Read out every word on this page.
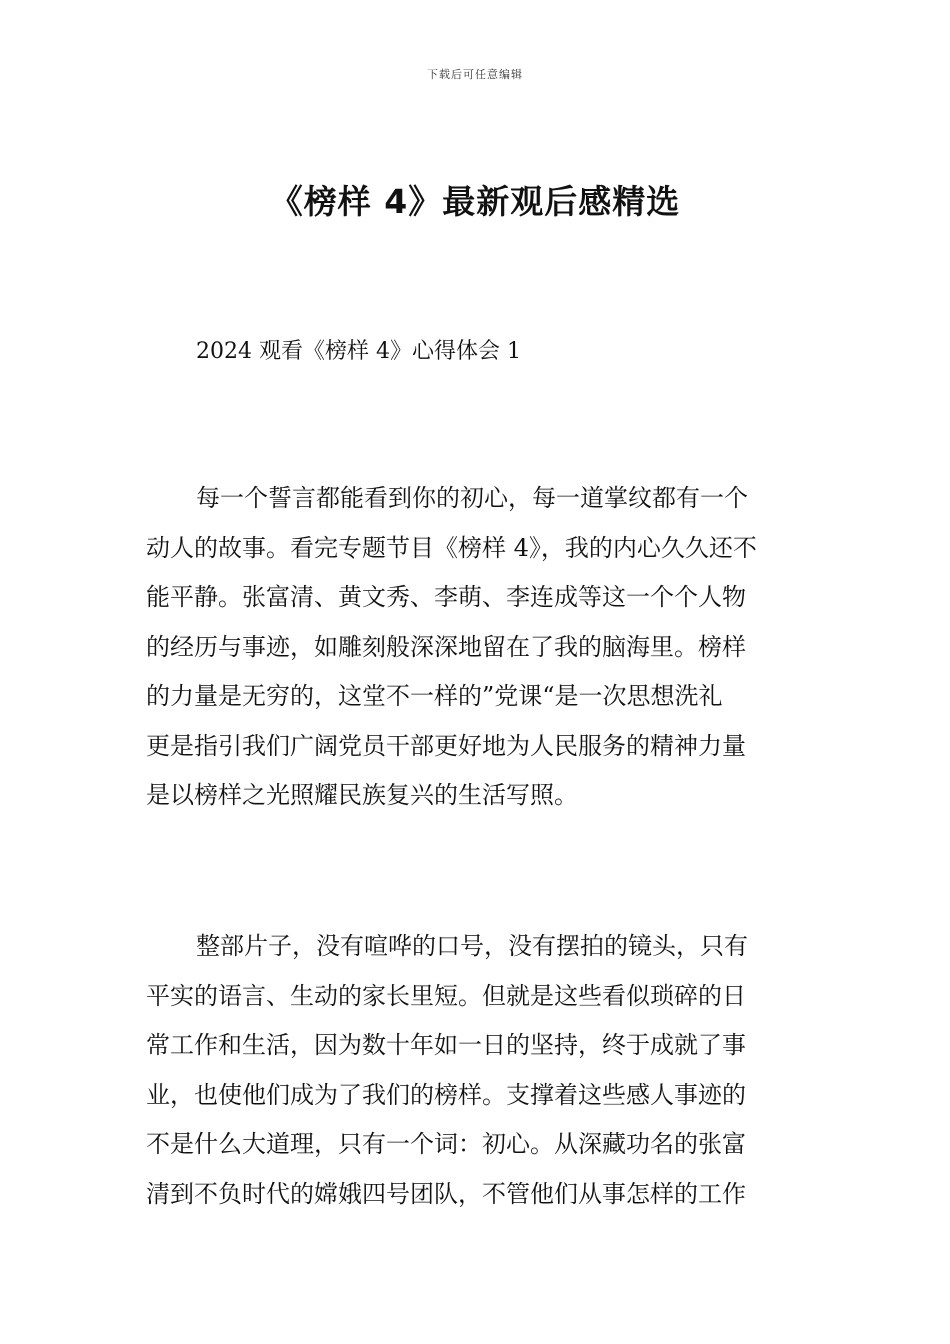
下载后可任意编辑
《榜样 4》最新观后感精选
2024 观看《榜样 4》心得体会 1
每一个誓言都能看到你的初心，每一道掌纹都有一个
动人的故事。看完专题节目《榜样 4》，我的内心久久还不
能平静。张富清、黄文秀、李萌、李连成等这一个个人物
的经历与事迹，如雕刻般深深地留在了我的脑海里。榜样
的力量是无穷的，这堂不一样的”党课“是一次思想洗礼
更是指引我们广阔党员干部更好地为人民服务的精神力量
是以榜样之光照耀民族复兴的生活写照。
整部片子，没有喧哗的口号，没有摆拍的镜头，只有
平实的语言、生动的家长里短。但就是这些看似琐碎的日
常工作和生活，因为数十年如一日的坚持，终于成就了事
业，也使他们成为了我们的榜样。支撑着这些感人事迹的
不是什么大道理，只有一个词：初心。从深藏功名的张富
清到不负时代的嫦娥四号团队，不管他们从事怎样的工作
